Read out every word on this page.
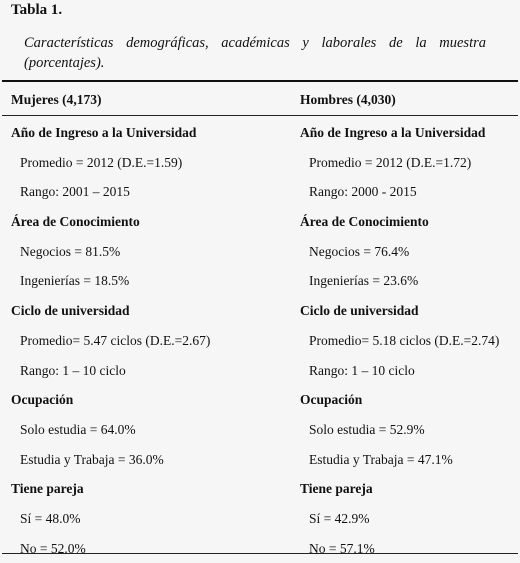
Tabla 1.
Características demográficas, académicas y laborales de la muestra (porcentajes).
Mujeres (4,173)	Hombres (4,030)
Año de Ingreso a la Universidad
Promedio = 2012 (D.E.=1.59)
Rango: 2001 – 2015
Área de Conocimiento
Negocios = 81.5%
Ingenierías = 18.5%
Ciclo de universidad
Promedio= 5.47 ciclos (D.E.=2.67)
Rango: 1 – 10 ciclo
Ocupación
Solo estudia = 64.0%
Estudia y Trabaja = 36.0%
Tiene pareja
Sí = 48.0%
No = 52.0%
Año de Ingreso a la Universidad
Promedio = 2012 (D.E.=1.72)
Rango: 2000 - 2015
Área de Conocimiento
Negocios = 76.4%
Ingenierías = 23.6%
Ciclo de universidad
Promedio= 5.18 ciclos (D.E.=2.74)
Rango: 1 – 10 ciclo
Ocupación
Solo estudia = 52.9%
Estudia y Trabaja = 47.1%
Tiene pareja
Sí = 42.9%
No = 57.1%
